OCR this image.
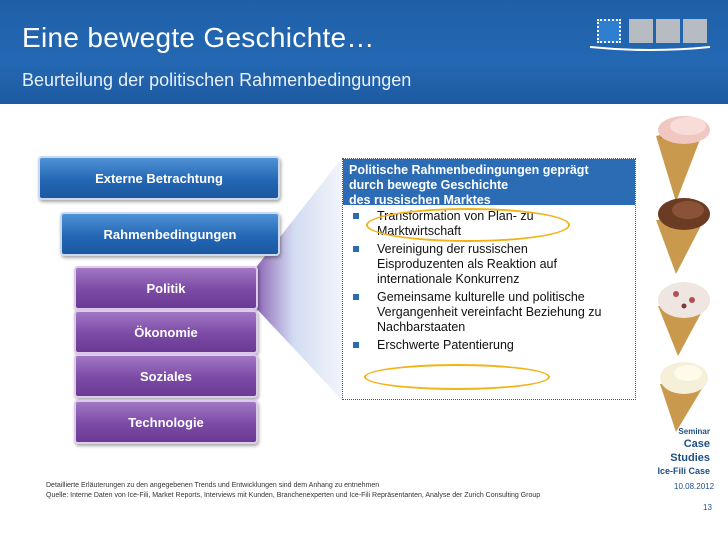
Eine bewegte Geschichte…
Beurteilung der politischen Rahmenbedingungen
Externe Betrachtung
Rahmenbedingungen
Politik
Ökonomie
Soziales
Technologie
Politische Rahmenbedingungen geprägt
durch bewegte Geschichte
des russischen Marktes
Transformation von Plan- zu
Marktwirtschaft
Vereinigung der russischen
Eisproduzenten als Reaktion auf
internationale Konkurrenz
Gemeinsame kulturelle und politische
Vergangenheit vereinfacht Beziehung zu
Nachbarstaaten
Erschwerte Patentierung
Seminar
Case
Studies
Ice-Fili Case
Detaillierte Erläuterungen zu den angegebenen Trends und Entwicklungen sind dem Anhang zu entnehmen
Quelle: Interne Daten von Ice-Fili, Market Reports, Interviews mit Kunden, Branchenexperten und Ice-Fili Repräsentanten, Analyse der Zurich Consulting Group
10.08.2012
13
